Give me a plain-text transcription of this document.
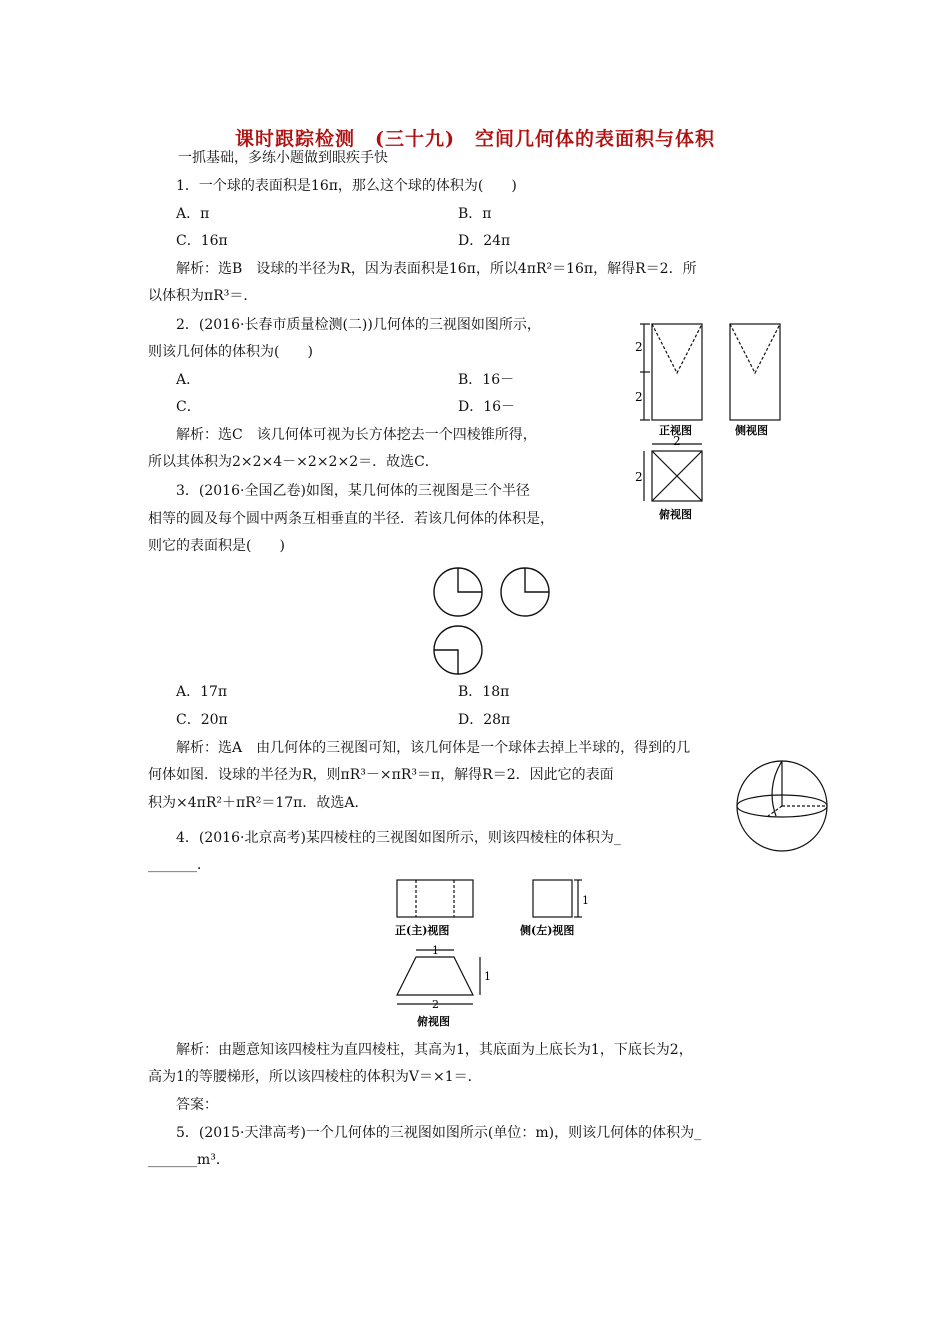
课时跟踪检测　(三十九)　空间几何体的表面积与体积
一抓基础，多练小题做到眼疾手快
1．一个球的表面积是16π，那么这个球的体积为(　　)
A．π	B．π
C．16π	D．24π
解析：选B　设球的半径为R，因为表面积是16π，所以4πR²＝16π，解得R＝2．所
以体积为πR³＝．
2．(2016·长春市质量检测(二))几何体的三视图如图所示，
则该几何体的体积为(　　)
A．	B．16－
C．	D．16－
解析：选C　该几何体可视为长方体挖去一个四棱锥所得，
所以其体积为2×2×4－×2×2×2＝．故选C．
2
2
2
2
正视图	侧视图
俯视图
3．(2016·全国乙卷)如图，某几何体的三视图是三个半径
相等的圆及每个圆中两条互相垂直的半径．若该几何体的体积是，
则它的表面积是(　　)
A．17π	B．18π
C．20π	D．28π
解析：选A　由几何体的三视图可知，该几何体是一个球体去掉上半球的，得到的几
何体如图．设球的半径为R，则πR³－×πR³＝π，解得R＝2．因此它的表面
积为×4πR²＋πR²＝17π．故选A．
4．(2016·北京高考)某四棱柱的三视图如图所示，则该四棱柱的体积为_
_______．
1
1
1
2
正(主)视图	侧(左)视图
俯视图
解析：由题意知该四棱柱为直四棱柱，其高为1，其底面为上底长为1，下底长为2，
高为1的等腰梯形，所以该四棱柱的体积为V＝×1＝．
答案：
5．(2015·天津高考)一个几何体的三视图如图所示(单位：m)，则该几何体的体积为_
_______m³．
